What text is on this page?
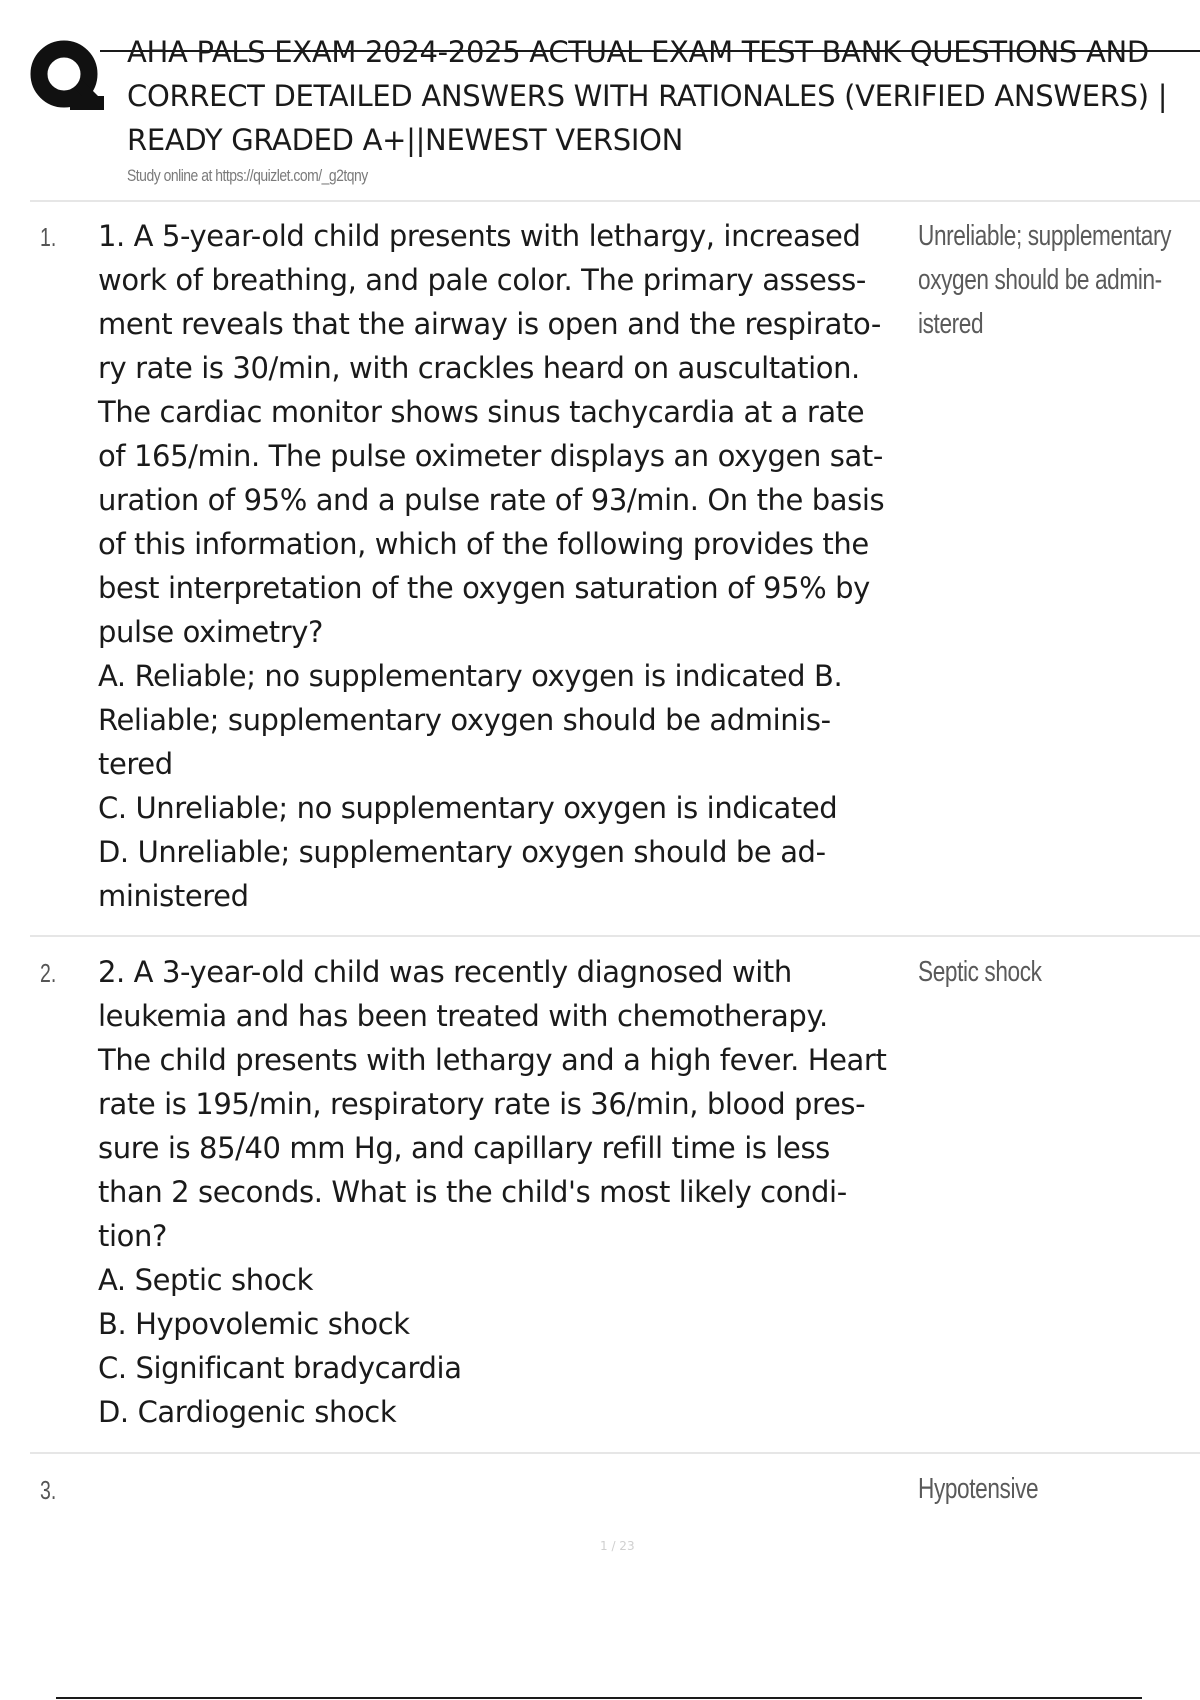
AHA PALS EXAM 2024-2025 ACTUAL EXAM TEST BANK QUESTIONS AND
CORRECT DETAILED ANSWERS WITH RATIONALES (VERIFIED ANSWERS) |
READY GRADED A+||NEWEST VERSION
Study online at https://quizlet.com/_g2tqny
1. 1. A 5-year-old child presents with lethargy, increased

work of breathing, and pale color. The primary assess-

ment reveals that the airway is open and the respirato-

ry rate is 30/min, with crackles heard on auscultation.

The cardiac monitor shows sinus tachycardia at a rate

of 165/min. The pulse oximeter displays an oxygen sat-

uration of 95% and a pulse rate of 93/min. On the basis

of this information, which of the following provides the

best interpretation of the oxygen saturation of 95% by

pulse oximetry?

A. Reliable; no supplementary oxygen is indicated B.

Reliable; supplementary oxygen should be adminis-

tered

C. Unreliable; no supplementary oxygen is indicated

D. Unreliable; supplementary oxygen should be ad-

ministered

Unreliable; supplementary
oxygen should be admin-
istered
2. 2. A 3-year-old child was recently diagnosed with

leukemia and has been treated with chemotherapy.

The child presents with lethargy and a high fever. Heart

rate is 195/min, respiratory rate is 36/min, blood pres-

sure is 85/40 mm Hg, and capillary refill time is less

than 2 seconds. What is the child's most likely condi-

tion?

A. Septic shock

B. Hypovolemic shock

C. Significant bradycardia

D. Cardiogenic shock

Septic shock
3.	Hypotensive
1 / 23
